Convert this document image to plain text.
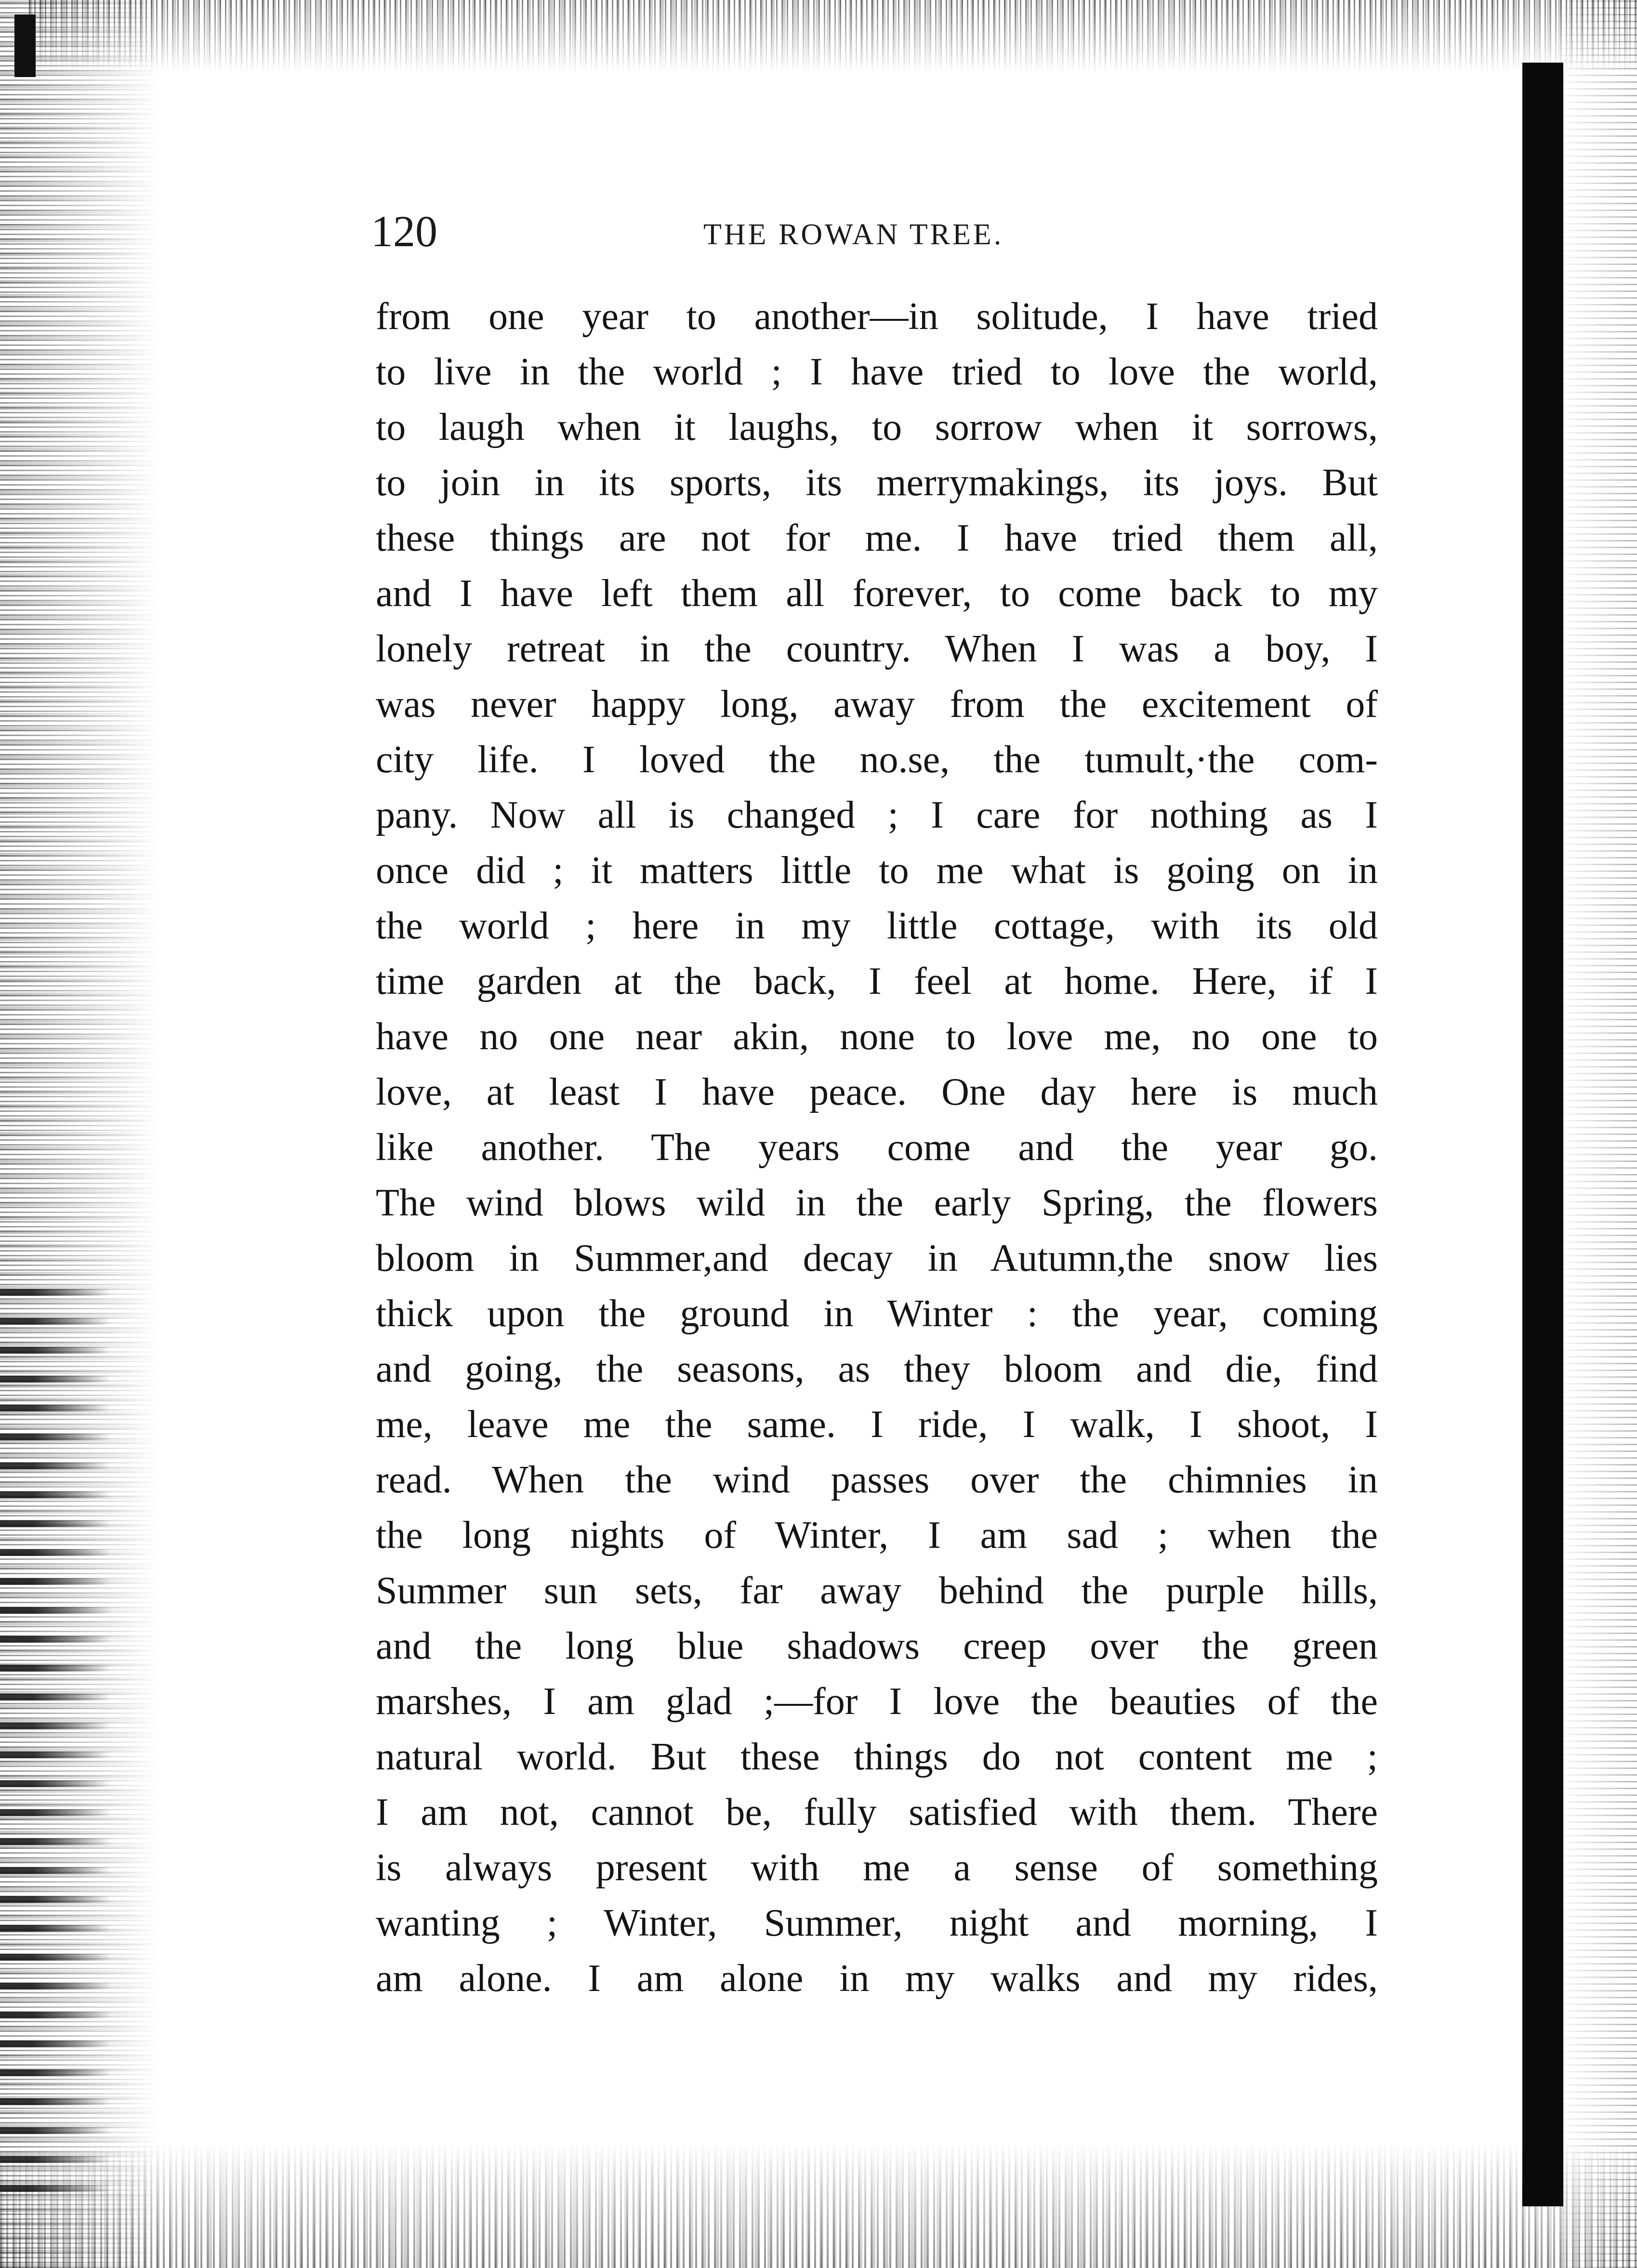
120	THE ROWAN TREE.
from one year to another—in solitude, I have tried
to live in the world ; I have tried to love the world,
to laugh when it laughs, to sorrow when it sorrows,
to join in its sports, its merrymakings, its joys. But
these things are not for me. I have tried them all,
and I have left them all forever, to come back to my
lonely retreat in the country. When I was a boy, I
was never happy long, away from the excitement of
city life. I loved the no.se, the tumult,·the com-
pany. Now all is changed ; I care for nothing as I
once did ; it matters little to me what is going on in
the world ; here in my little cottage, with its old
time garden at the back, I feel at home. Here, if I
have no one near akin, none to love me, no one to
love, at least I have peace. One day here is much
like another. The years come and the year go.
The wind blows wild in the early Spring, the flowers
bloom in Summer,and decay in Autumn,the snow lies
thick upon the ground in Winter : the year, coming
and going, the seasons, as they bloom and die, find
me, leave me the same. I ride, I walk, I shoot, I
read. When the wind passes over the chimnies in
the long nights of Winter, I am sad ; when the
Summer sun sets, far away behind the purple hills,
and the long blue shadows creep over the green
marshes, I am glad ;—for I love the beauties of the
natural world. But these things do not content me ;
I am not, cannot be, fully satisfied with them. There
is always present with me a sense of something
wanting ; Winter, Summer, night and morning, I
am alone. I am alone in my walks and my rides,
